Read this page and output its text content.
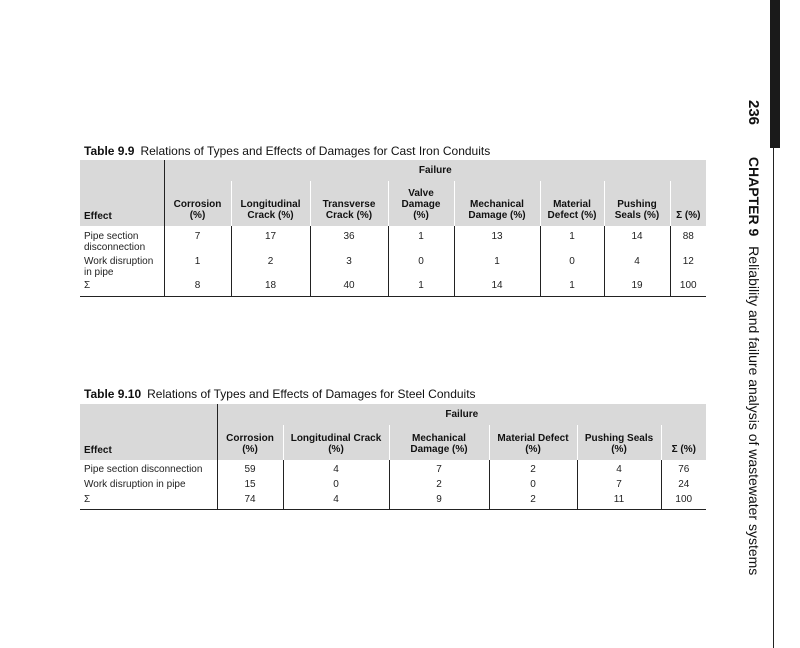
236 CHAPTER 9 Reliability and failure analysis of wastewater systems
Table 9.9 Relations of Types and Effects of Damages for Cast Iron Conduits
Effect	Failure							
	Corrosion (%)	Longitudinal Crack (%)	Transverse Crack (%)	Valve Damage (%)	Mechanical Damage (%)	Material Defect (%)	Pushing Seals (%)	Σ (%)
Pipe section disconnection	7	17	36	1	13	1	14	88
Work disruption in pipe	1	2	3	0	1	0	4	12
Σ	8	18	40	1	14	1	19	100
Table 9.10 Relations of Types and Effects of Damages for Steel Conduits
Effect	Failure					
	Corrosion (%)	Longitudinal Crack (%)	Mechanical Damage (%)	Material Defect (%)	Pushing Seals (%)	Σ (%)
Pipe section disconnection	59	4	7	2	4	76
Work disruption in pipe	15	0	2	0	7	24
Σ	74	4	9	2	11	100
